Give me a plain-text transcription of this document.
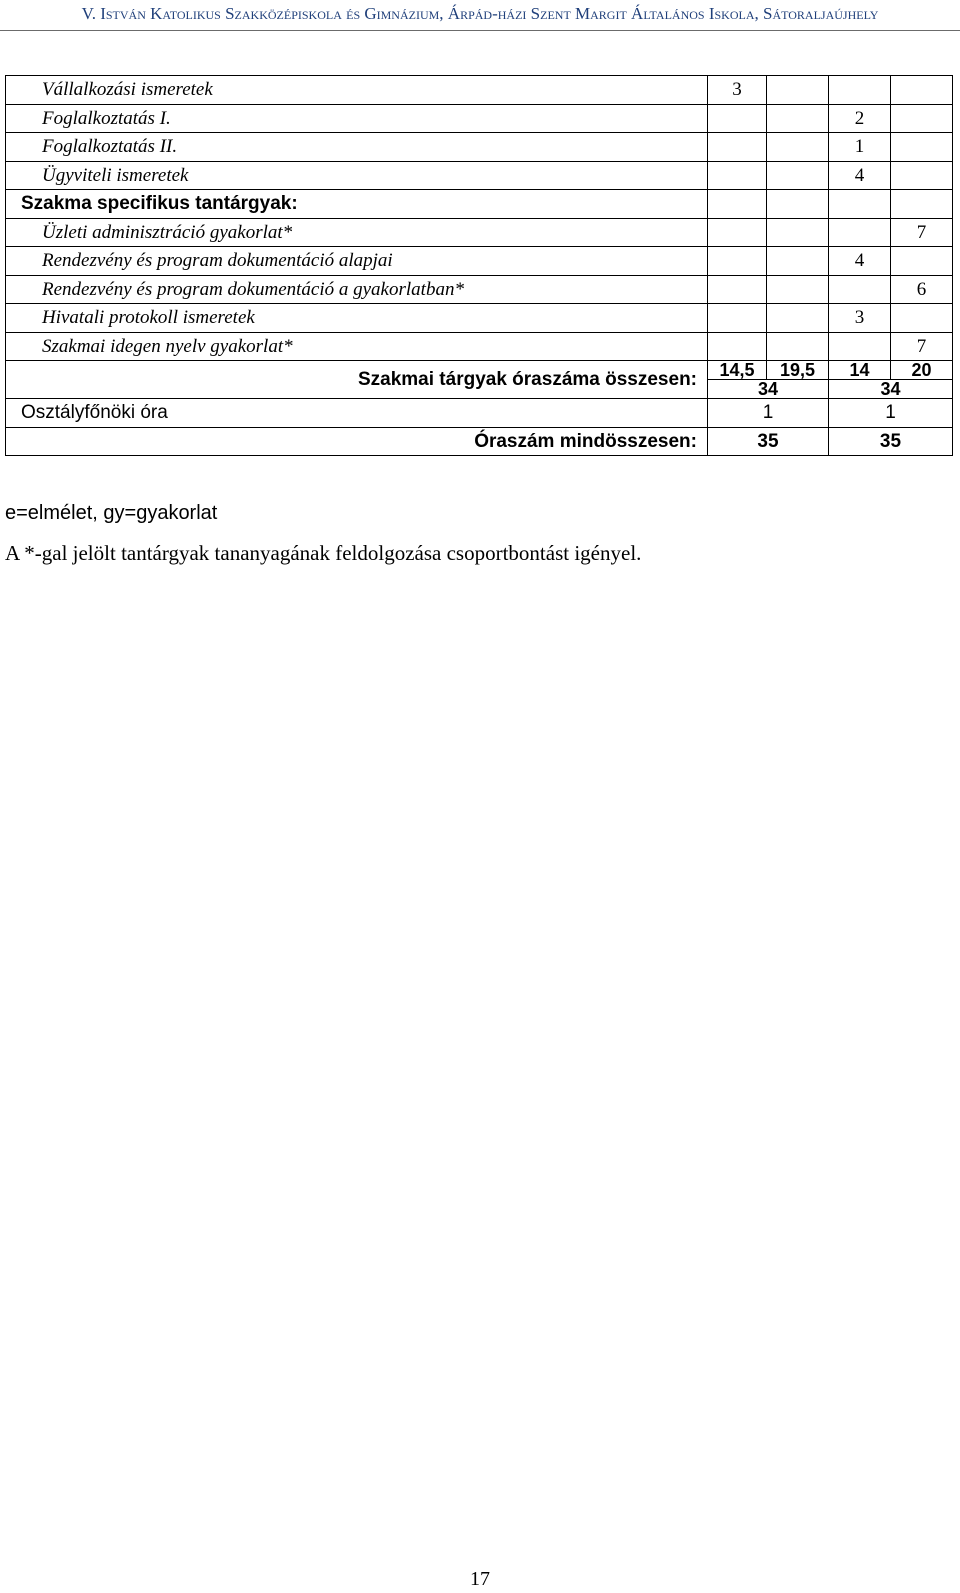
V. István Katolikus Szakközépiskola és Gimnázium, Árpád-házi Szent Margit Általános Iskola, Sátoraljaújhely
Vállalkozási ismeretek	3			
Foglalkoztatás I.			2	
Foglalkoztatás II.			1	
Ügyviteli ismeretek			4	
Szakma specifikus tantárgyak:				
Üzleti adminisztráció gyakorlat*				7
Rendezvény és program dokumentáció alapjai			4	
Rendezvény és program dokumentáció a gyakorlatban*				6
Hivatali protokoll ismeretek			3	
Szakmai idegen nyelv gyakorlat*				7
Szakmai tárgyak óraszáma összesen:	14,5	19,5	14	20
	34		34	
Osztályfőnöki óra	1		1	
Óraszám mindösszesen:	35		35	
e=elmélet, gy=gyakorlat
A *-gal jelölt tantárgyak tananyagának feldolgozása csoportbontást igényel.
17
